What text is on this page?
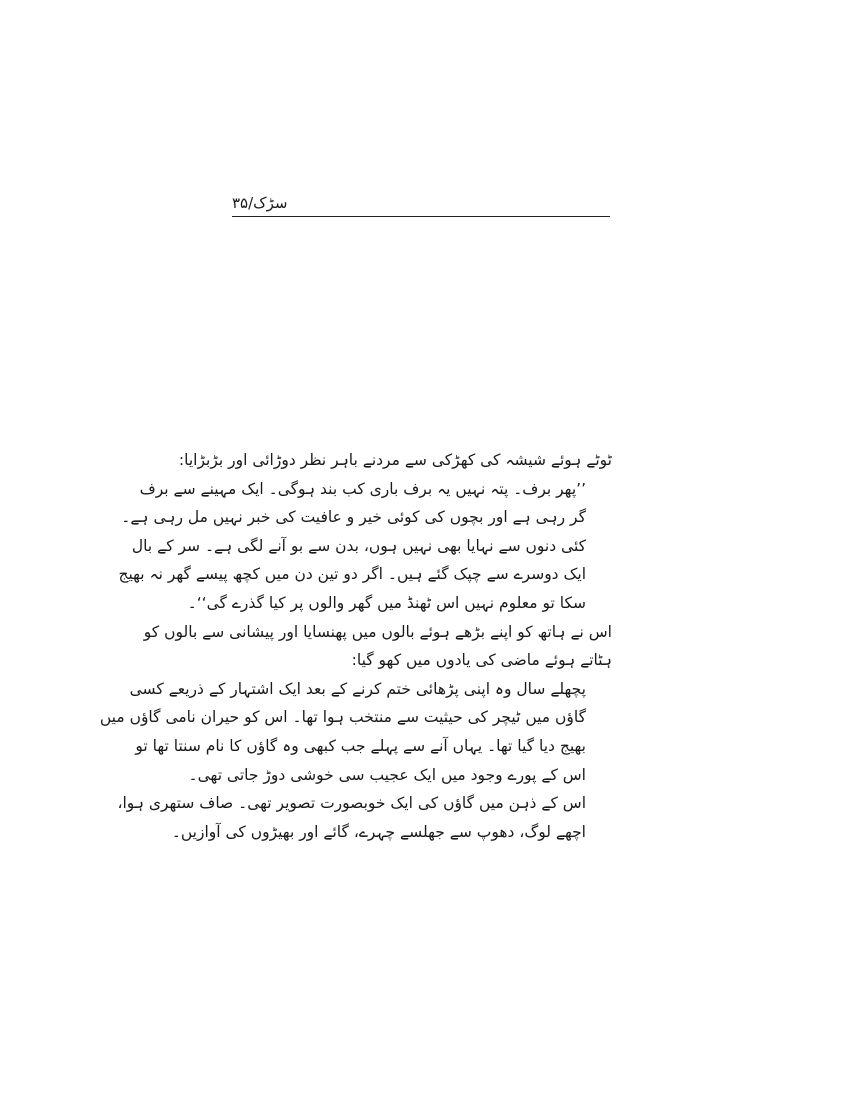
سڑک/۳۵
ٹوٹے ہوئے شیشہ کی کھڑکی سے مردنے باہر نظر دوڑائی اور بڑبڑایا:
’’پھر برف۔ پتہ نہیں یہ برف باری کب بند ہوگی۔ ایک مہینے سے برف
گر رہی ہے اور بچوں کی کوئی خیر و عافیت کی خبر نہیں مل رہی ہے۔
کئی دنوں سے نہایا بھی نہیں ہوں، بدن سے بو آنے لگی ہے۔ سر کے بال
ایک دوسرے سے چپک گئے ہیں۔ اگر دو تین دن میں کچھ پیسے گھر نہ بھیج
سکا تو معلوم نہیں اس ٹھنڈ میں گھر والوں پر کیا گذرے گی‘‘۔
اس نے ہاتھ کو اپنے بڑھے ہوئے بالوں میں پھنسایا اور پیشانی سے بالوں کو
ہٹاتے ہوئے ماضی کی یادوں میں کھو گیا:
پچھلے سال وہ اپنی پڑھائی ختم کرنے کے بعد ایک اشتہار کے ذریعے کسی
گاؤں میں ٹیچر کی حیثیت سے منتخب ہوا تھا۔ اس کو حیران نامی گاؤں میں
بھیج دیا گیا تھا۔ یہاں آنے سے پہلے جب کبھی وہ گاؤں کا نام سنتا تھا تو
اس کے پورے وجود میں ایک عجیب سی خوشی دوڑ جاتی تھی۔
اس کے ذہن میں گاؤں کی ایک خوبصورت تصویر تھی۔ صاف ستھری ہوا،
اچھے لوگ، دھوپ سے جھلسے چہرے، گائے اور بھیڑوں کی آوازیں۔
